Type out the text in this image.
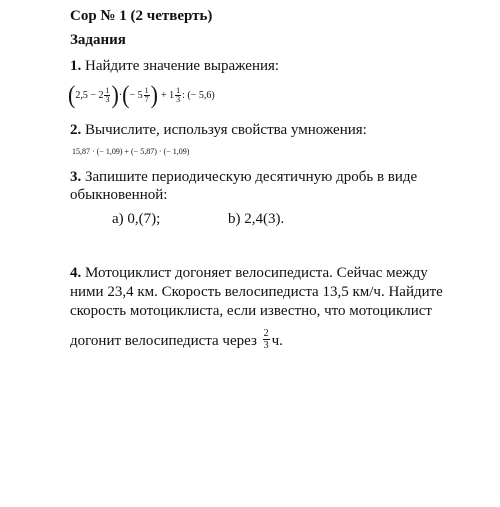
Сор № 1 (2 четверть)
Задания
1. Найдите значение выражения:
( $2,5 - 2 \frac{1}{3}$ ) · ( − $5 \frac{1}{7}$ ) + $1 \frac{1}{3}$ : (− 5,6)
2. Вычислите, используя свойства умножения:
15,87 · (− 1,09) + (− 5,87) · (− 1,09)
3. Запишите периодическую десятичную дробь в виде
обыкновенной:
а) 0,(7);	b) 2,4(3).
4. Мотоциклист догоняет велосипедиста. Сейчас между
ними 23,4 км. Скорость велосипедиста 13,5 км/ч. Найдите
скорость мотоциклиста, если известно, что мотоциклист
догонит велосипедиста через $\frac{2}{3} ч$.
